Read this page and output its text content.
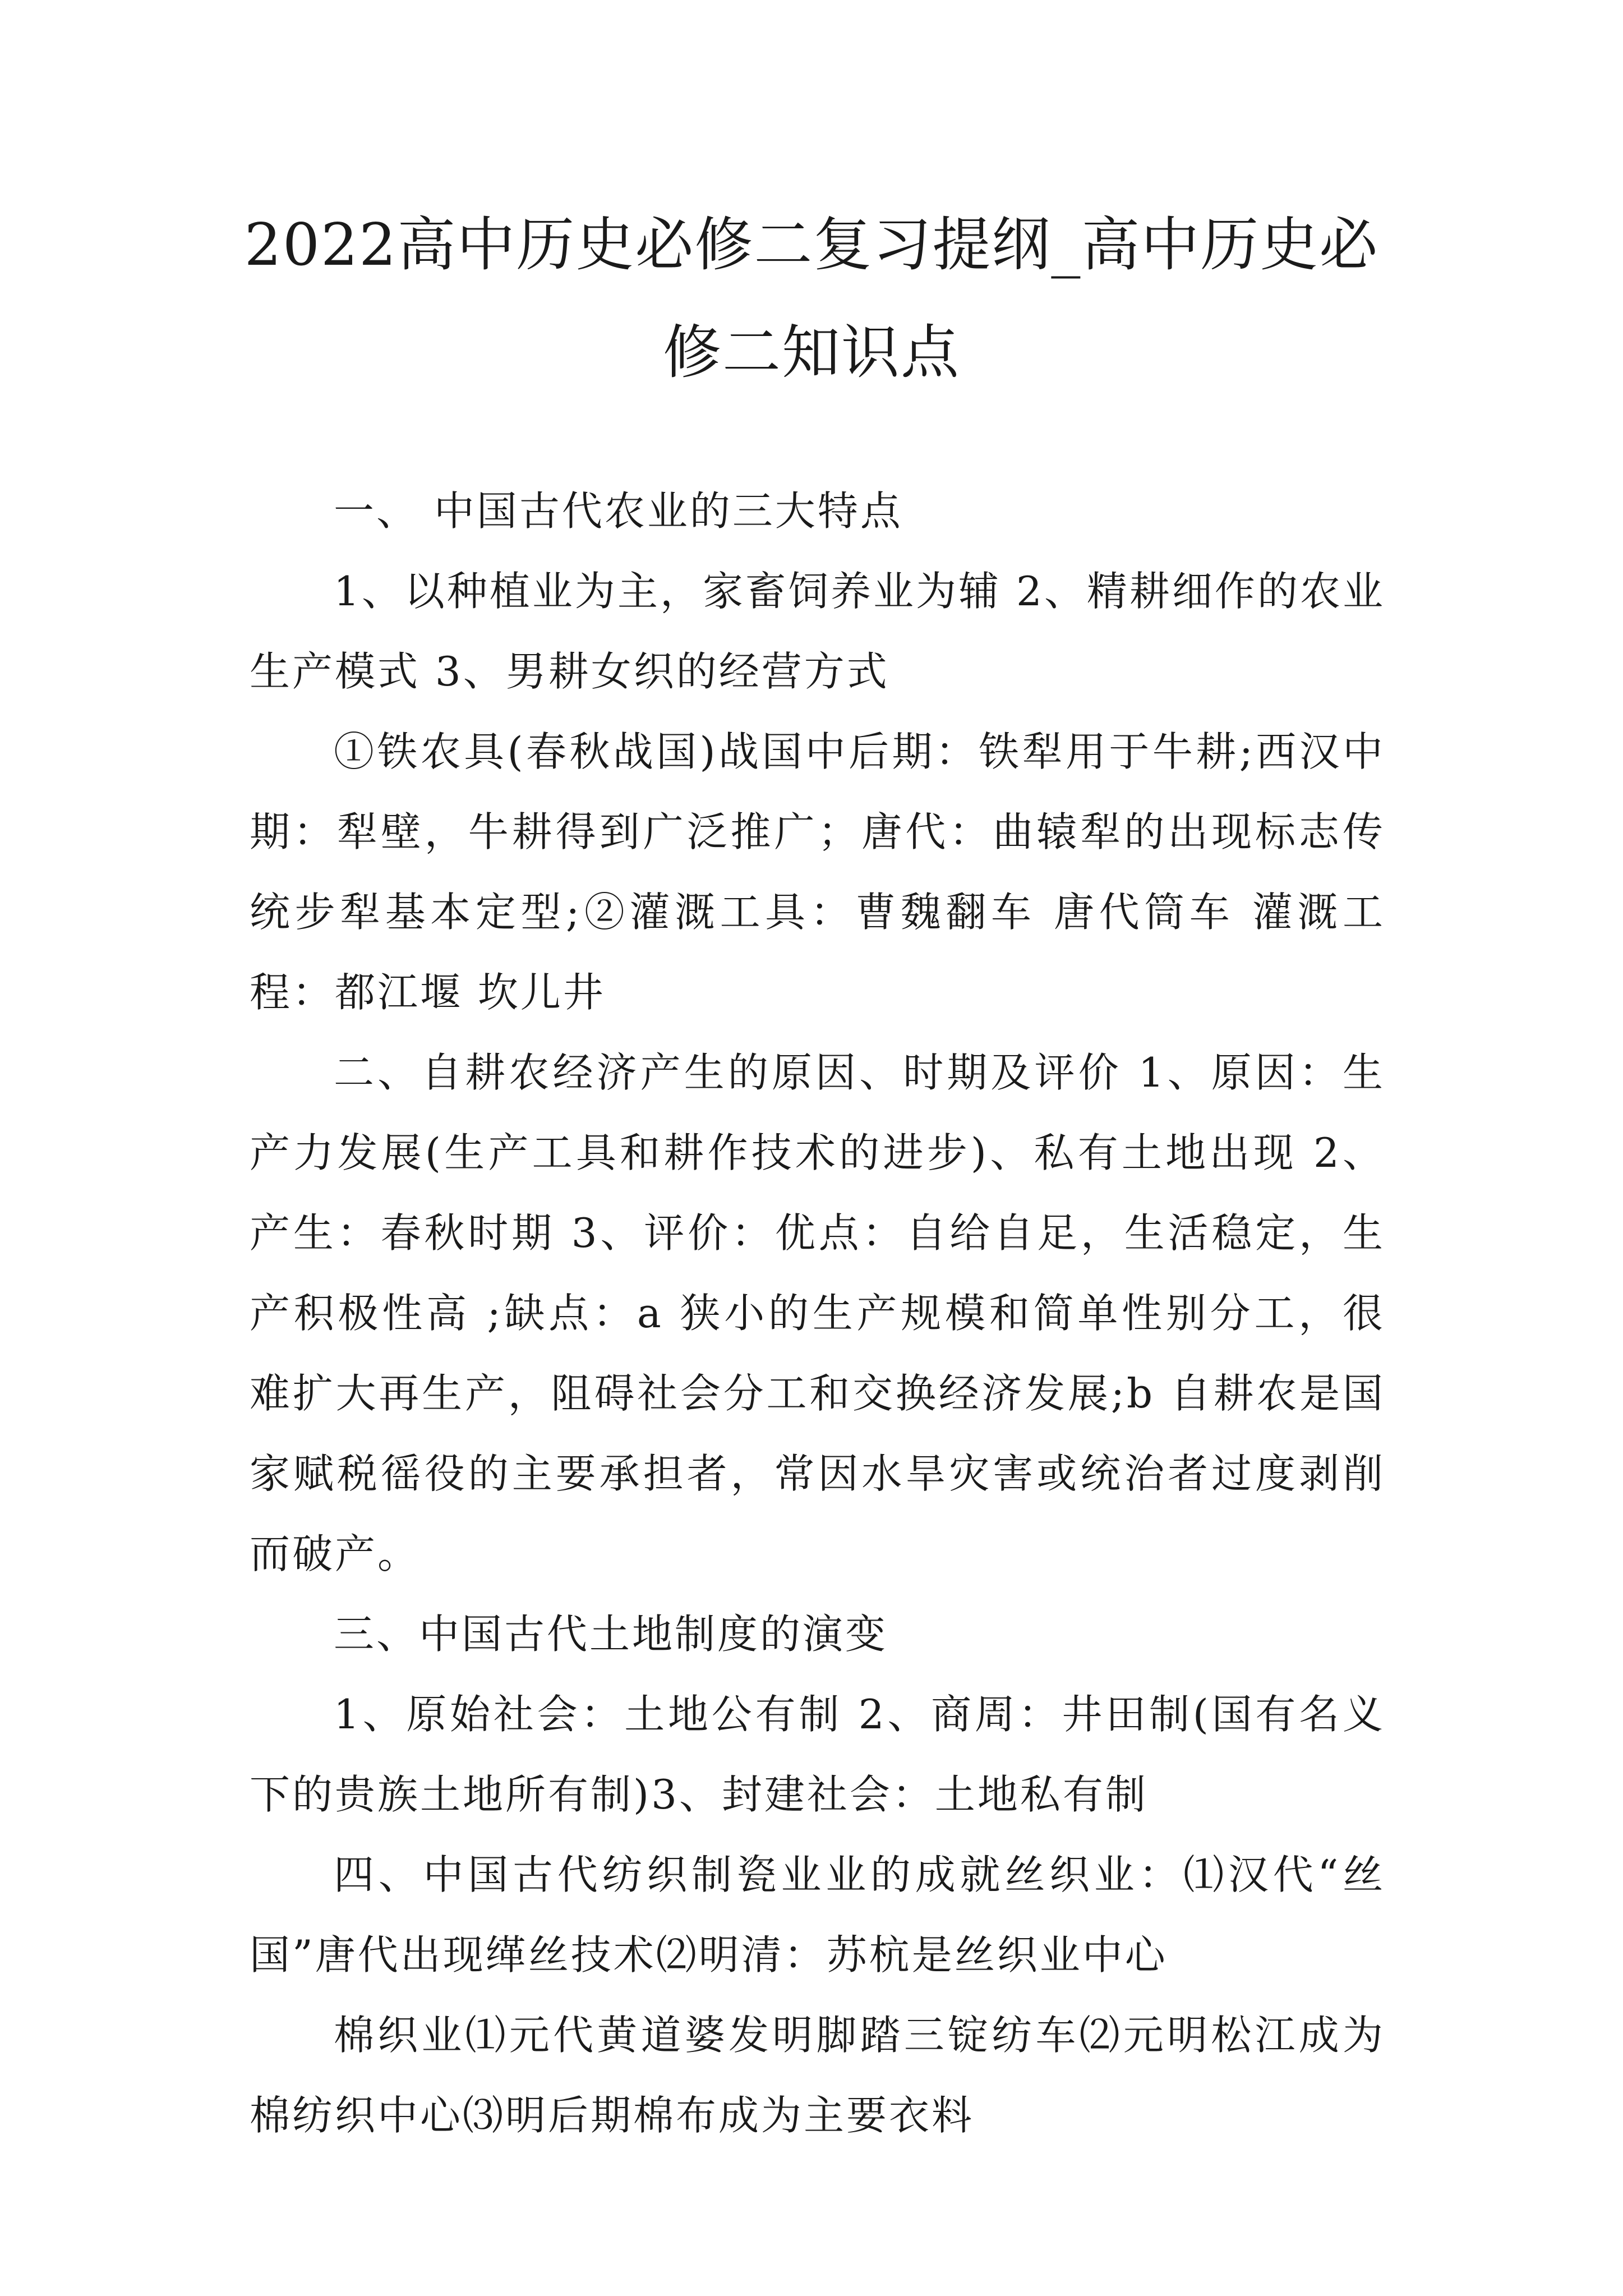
2022高中历史必修二复习提纲_高中历史必修二知识点

一、 中国古代农业的三大特点

1、以种植业为主，家畜饲养业为辅 2、精耕细作的农业生产模式 3、男耕女织的经营方式

①铁农具(春秋战国)战国中后期：铁犁用于牛耕;西汉中期：犁壁，牛耕得到广泛推广；唐代：曲辕犁的出现标志传统步犁基本定型;②灌溉工具：曹魏翻车 唐代筒车 灌溉工程：都江堰 坎儿井

二、自耕农经济产生的原因、时期及评价 1、原因：生产力发展(生产工具和耕作技术的进步)、私有土地出现 2、产生：春秋时期 3、评价：优点：自给自足，生活稳定，生产积极性高 ;缺点：a 狭小的生产规模和简单性别分工，很难扩大再生产，阻碍社会分工和交换经济发展;b 自耕农是国家赋税徭役的主要承担者，常因水旱灾害或统治者过度剥削而破产。

三、中国古代土地制度的演变

1、原始社会：土地公有制 2、商周：井田制(国有名义下的贵族土地所有制)3、封建社会：土地私有制

四、中国古代纺织制瓷业业的成就丝织业：⑴汉代“丝国”唐代出现缂丝技术⑵明清：苏杭是丝织业中心

棉织业⑴元代黄道婆发明脚踏三锭纺车⑵元明松江成为棉纺织中心⑶明后期棉布成为主要衣料
